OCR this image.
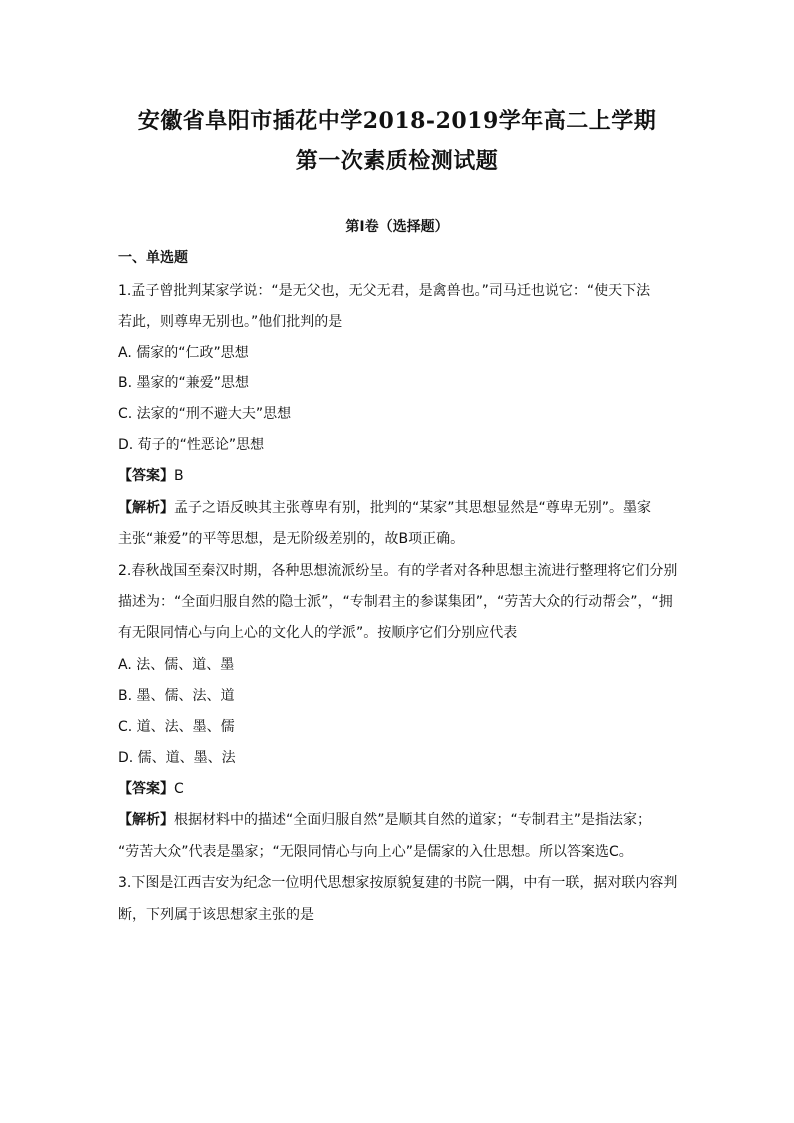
安徽省阜阳市插花中学2018-2019学年高二上学期
第一次素质检测试题
第Ⅰ卷（选择题）
一、单选题
1.孟子曾批判某家学说：“是无父也，无父无君，是禽兽也。”司马迁也说它：“使天下法
若此，则尊卑无别也。”他们批判的是
A. 儒家的“仁政”思想
B. 墨家的“兼爱”思想
C. 法家的“刑不避大夫”思想
D. 荀子的“性恶论”思想
【答案】B
【解析】孟子之语反映其主张尊卑有别，批判的“某家”其思想显然是“尊卑无别”。墨家
主张“兼爱”的平等思想，是无阶级差别的，故B项正确。
2.春秋战国至秦汉时期，各种思想流派纷呈。有的学者对各种思想主流进行整理将它们分别
描述为：“全面归服自然的隐士派”，“专制君主的参谋集团”，“劳苦大众的行动帮会”，“拥
有无限同情心与向上心的文化人的学派”。按顺序它们分别应代表
A. 法、儒、道、墨
B. 墨、儒、法、道
C. 道、法、墨、儒
D. 儒、道、墨、法
【答案】C
【解析】根据材料中的描述“全面归服自然”是顺其自然的道家；“专制君主”是指法家；
“劳苦大众”代表是墨家；“无限同情心与向上心”是儒家的入仕思想。所以答案选C。
3.下图是江西吉安为纪念一位明代思想家按原貌复建的书院一隅，中有一联，据对联内容判
断，下列属于该思想家主张的是
